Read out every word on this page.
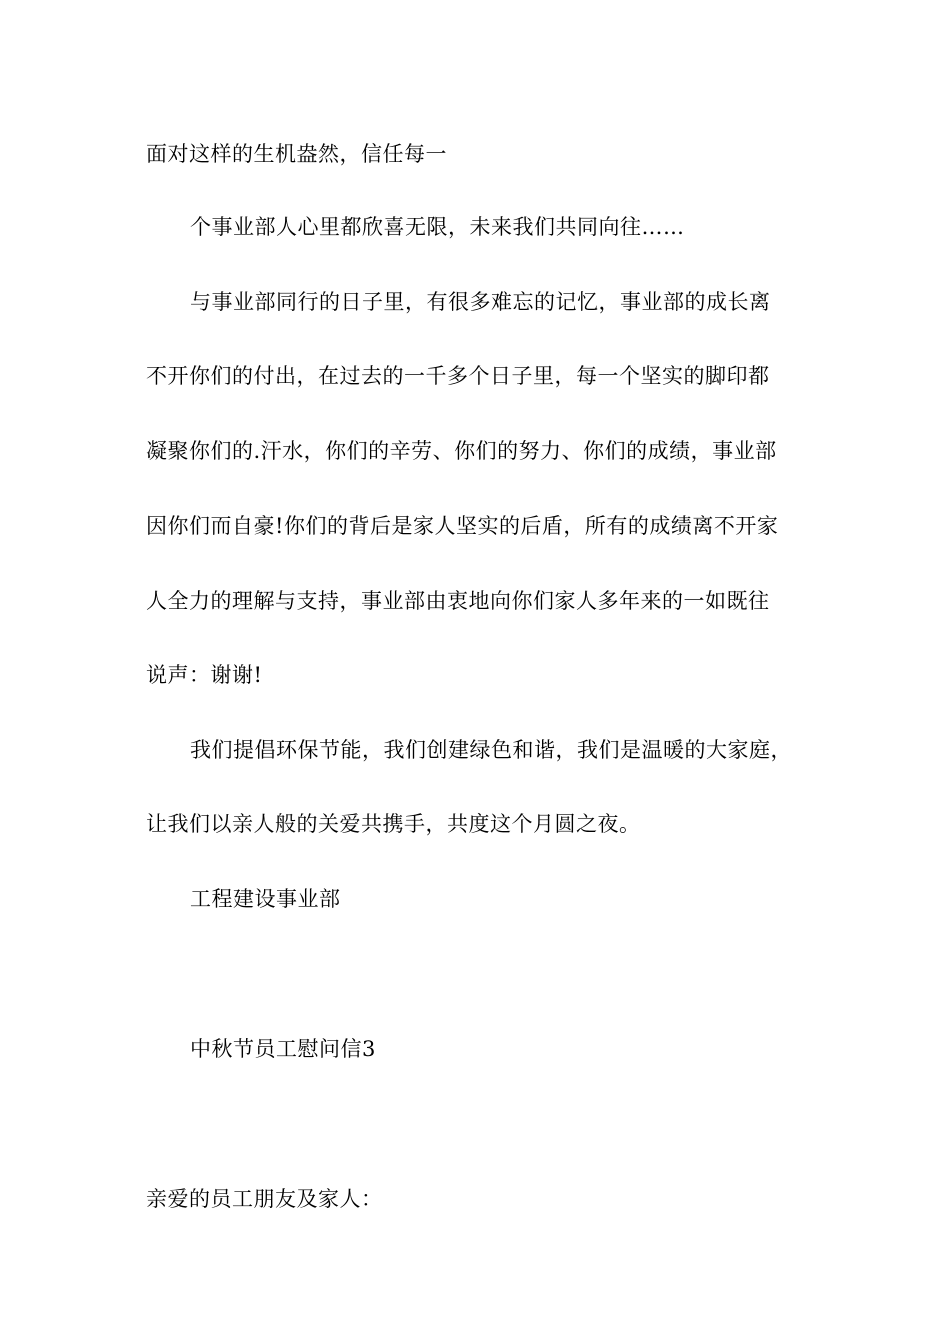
面对这样的生机盎然，信任每一
个事业部人心里都欣喜无限，未来我们共同向往……
与事业部同行的日子里，有很多难忘的记忆，事业部的成长离
不开你们的付出，在过去的一千多个日子里，每一个坚实的脚印都
凝聚你们的.汗水，你们的辛劳、你们的努力、你们的成绩，事业部
因你们而自豪!你们的背后是家人坚实的后盾，所有的成绩离不开家
人全力的理解与支持，事业部由衷地向你们家人多年来的一如既往
说声：谢谢!
我们提倡环保节能，我们创建绿色和谐，我们是温暖的大家庭，
让我们以亲人般的关爱共携手，共度这个月圆之夜。
工程建设事业部
中秋节员工慰问信3
亲爱的员工朋友及家人：
